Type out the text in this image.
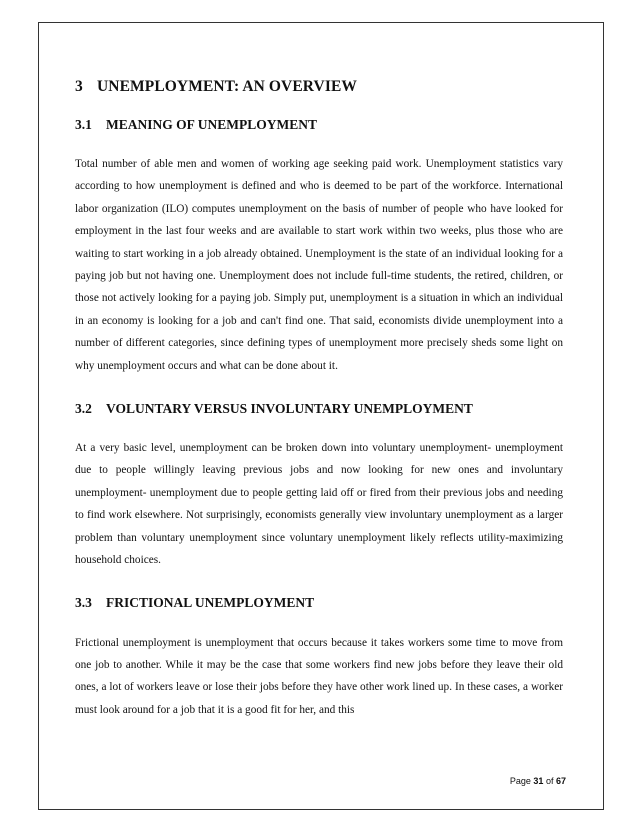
3 UNEMPLOYMENT: AN OVERVIEW
3.1 MEANING OF UNEMPLOYMENT

Total number of able men and women of working age seeking paid work. Unemployment statistics vary according to how unemployment is defined and who is deemed to be part of the workforce. International labor organization (ILO) computes unemployment on the basis of number of people who have looked for employment in the last four weeks and are available to start work within two weeks, plus those who are waiting to start working in a job already obtained. Unemployment is the state of an individual looking for a paying job but not having one. Unemployment does not include full-time students, the retired, children, or those not actively looking for a paying job. Simply put, unemployment is a situation in which an individual in an economy is looking for a job and can't find one. That said, economists divide unemployment into a number of different categories, since defining types of unemployment more precisely sheds some light on why unemployment occurs and what can be done about it.

3.2 VOLUNTARY VERSUS INVOLUNTARY UNEMPLOYMENT

At a very basic level, unemployment can be broken down into voluntary unemployment- unemployment due to people willingly leaving previous jobs and now looking for new ones and involuntary unemployment- unemployment due to people getting laid off or fired from their previous jobs and needing to find work elsewhere. Not surprisingly, economists generally view involuntary unemployment as a larger problem than voluntary unemployment since voluntary unemployment likely reflects utility-maximizing household choices.

3.3 FRICTIONAL UNEMPLOYMENT

Frictional unemployment is unemployment that occurs because it takes workers some time to move from one job to another. While it may be the case that some workers find new jobs before they leave their old ones, a lot of workers leave or lose their jobs before they have other work lined up. In these cases, a worker must look around for a job that it is a good fit for her, and this

Page 31 of 67
